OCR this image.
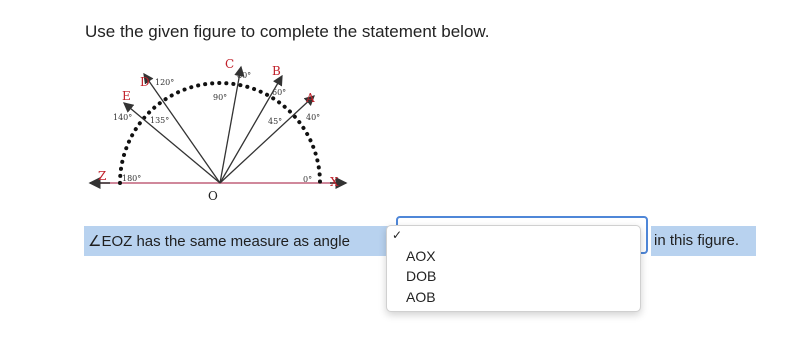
Use the given figure to complete the statement below.
A
B
C
D
E
Z	X
O
0°
40°
45°
60°
80°
90°
120°
135°
140°
180°
∠EOZ has the same measure as angle	in this figure.
✓
AOX
DOB
AOB
